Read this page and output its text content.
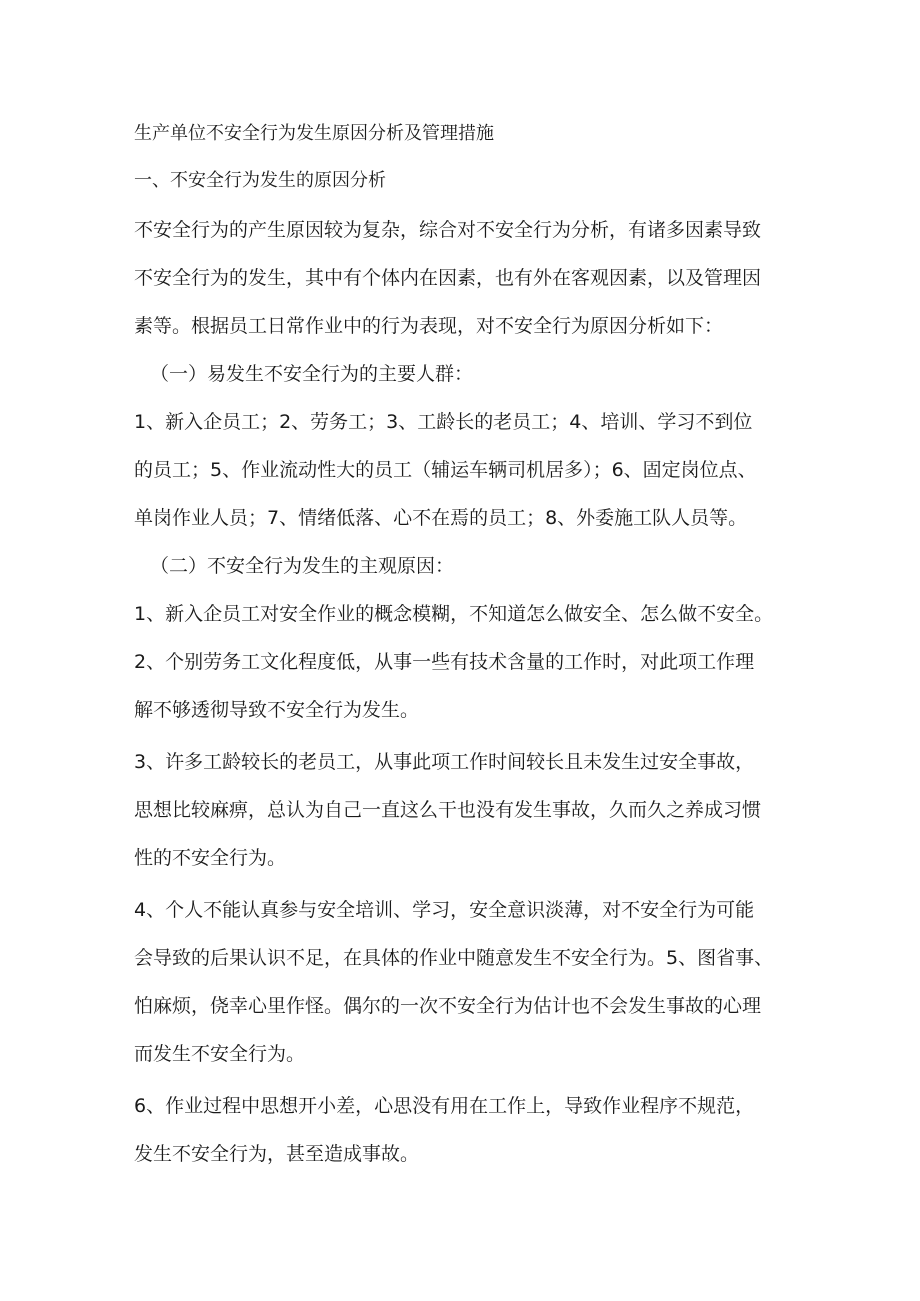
生产单位不安全行为发生原因分析及管理措施
一、不安全行为发生的原因分析
不安全行为的产生原因较为复杂，综合对不安全行为分析，有诸多因素导致
不安全行为的发生，其中有个体内在因素，也有外在客观因素，以及管理因
素等。根据员工日常作业中的行为表现，对不安全行为原因分析如下：
（一）易发生不安全行为的主要人群：
1、新入企员工；2、劳务工；3、工龄长的老员工；4、培训、学习不到位
的员工；5、作业流动性大的员工（辅运车辆司机居多）；6、固定岗位点、
单岗作业人员；7、情绪低落、心不在焉的员工；8、外委施工队人员等。
（二）不安全行为发生的主观原因：
1、新入企员工对安全作业的概念模糊，不知道怎么做安全、怎么做不安全。
2、个别劳务工文化程度低，从事一些有技术含量的工作时，对此项工作理
解不够透彻导致不安全行为发生。
3、许多工龄较长的老员工，从事此项工作时间较长且未发生过安全事故，
思想比较麻痹，总认为自己一直这么干也没有发生事故，久而久之养成习惯
性的不安全行为。
4、个人不能认真参与安全培训、学习，安全意识淡薄，对不安全行为可能
会导致的后果认识不足，在具体的作业中随意发生不安全行为。5、图省事、
怕麻烦，侥幸心里作怪。偶尔的一次不安全行为估计也不会发生事故的心理
而发生不安全行为。
6、作业过程中思想开小差，心思没有用在工作上，导致作业程序不规范，
发生不安全行为，甚至造成事故。
